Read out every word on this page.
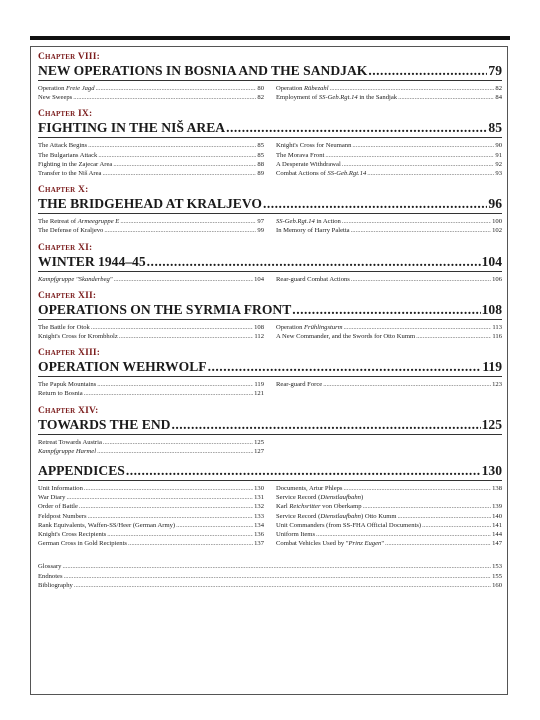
Chapter VIII:
NEW OPERATIONS IN BOSNIA AND THE SANDJAK .....	79
Operation Freie Jagd .....	80
New Sweeps .....	82
Operation Rübezahl .....	82
Employment of SS-Geb.Rgt.14 in the Sandjak .....	84
Chapter IX:
FIGHTING IN THE NIŠ AREA .....	85
The Attack Begins .....	85
The Bulgarians Attack .....	85
Fighting in the Zajecar Area .....	88
Transfer to the Niš Area .....	89
Knight's Cross for Neumann .....	90
The Morava Front .....	91
A Desperate Withdrawal .....	92
Combat Actions of SS-Geb.Rgt.14 .....	93
Chapter X:
THE BRIDGEHEAD AT KRALJEVO .....	96
The Retreat of Armeegruppe E .....	97
The Defense of Kraljevo .....	99
SS-Geb.Rgt.14 in Action .....	100
In Memory of Harry Paletta .....	102
Chapter XI:
WINTER 1944–45 .....	104
Kampfgruppe "Skanderbeg" .....	104 Rear-guard Combat Actions .....	106
Chapter XII:
OPERATIONS ON THE SYRMIA FRONT .....	108
The Battle for Otok .....	108
Knight's Cross for Krombholz .....	112
Operation Frühlingsturm .....	113
A New Commander, and the Swords for Otto Kumm .....	116
Chapter XIII:
OPERATION WEHRWOLF .....	119
The Papuk Mountains .....	119
Return to Bosnia .....	121
Rear-guard Force .....	123
Chapter XIV:
TOWARDS THE END .....	125
Retreat Towards Austria .....	125
Kampfgruppe Harmel .....	127
APPENDICES .....	130
Unit Information .....	130
War Diary .....	131
Order of Battle .....	132
Feldpost Numbers .....	133
Rank Equivalents, Waffen-SS/Heer (German Army) .....	134
Knight's Cross Recipients .....	136
German Cross in Gold Recipients .....	137
Documents, Artur Phleps .....	138
Service Record (Dienstlaufbahn)
Karl Reichsritter von Oberkamp .....	139
Service Record (Dienstlaufbahn) Otto Kumm .....	140
Unit Commanders (from SS-FHA Official Documents) .....	141
Uniform Items .....	144
Combat Vehicles Used by "Prinz Eugen" .....	147
Glossary .....	153
Endnotes .....	155
Bibliography .....	160
